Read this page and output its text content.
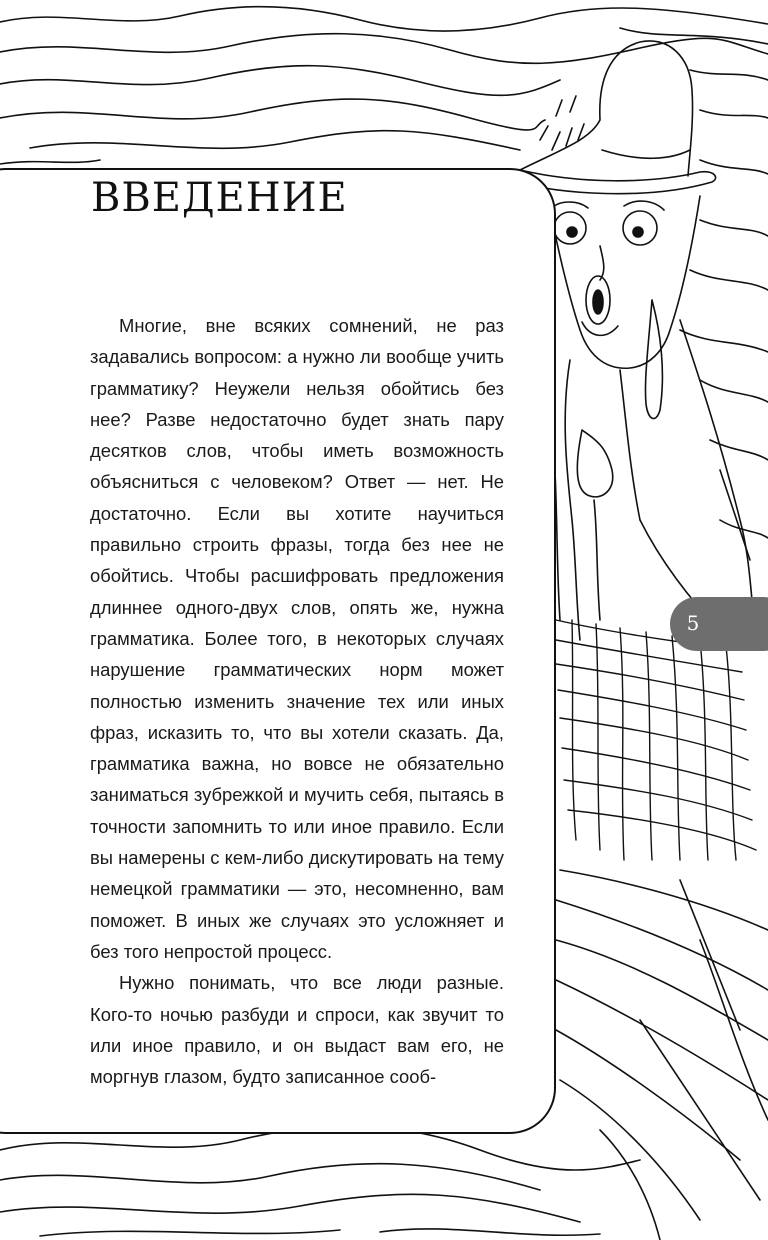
ВВЕДЕНИЕ

Многие, вне всяких сомнений, не раз задавались вопросом: а нужно ли вообще учить грамматику? Неужели нельзя обойтись без нее? Разве недостаточно будет знать пару десятков слов, чтобы иметь возможность объясниться с человеком? Ответ — нет. Не достаточно. Если вы хотите научиться правильно строить фразы, тогда без нее не обойтись. Чтобы расшифровать предложения длиннее одного-двух слов, опять же, нужна грамматика. Более того, в некоторых случаях нарушение грамматических норм может полностью изменить значение тех или иных фраз, исказить то, что вы хотели сказать. Да, грамматика важна, но вовсе не обязательно заниматься зубрежкой и мучить себя, пытаясь в точности запомнить то или иное правило. Если вы намерены с кем-либо дискутировать на тему немецкой грамматики — это, несомненно, вам поможет. В иных же случаях это усложняет и без того непростой процесс.

Нужно понимать, что все люди разные. Кого-то ночью разбуди и спроси, как звучит то или иное правило, и он выдаст вам его, не моргнув глазом, будто записанное сооб-

5
